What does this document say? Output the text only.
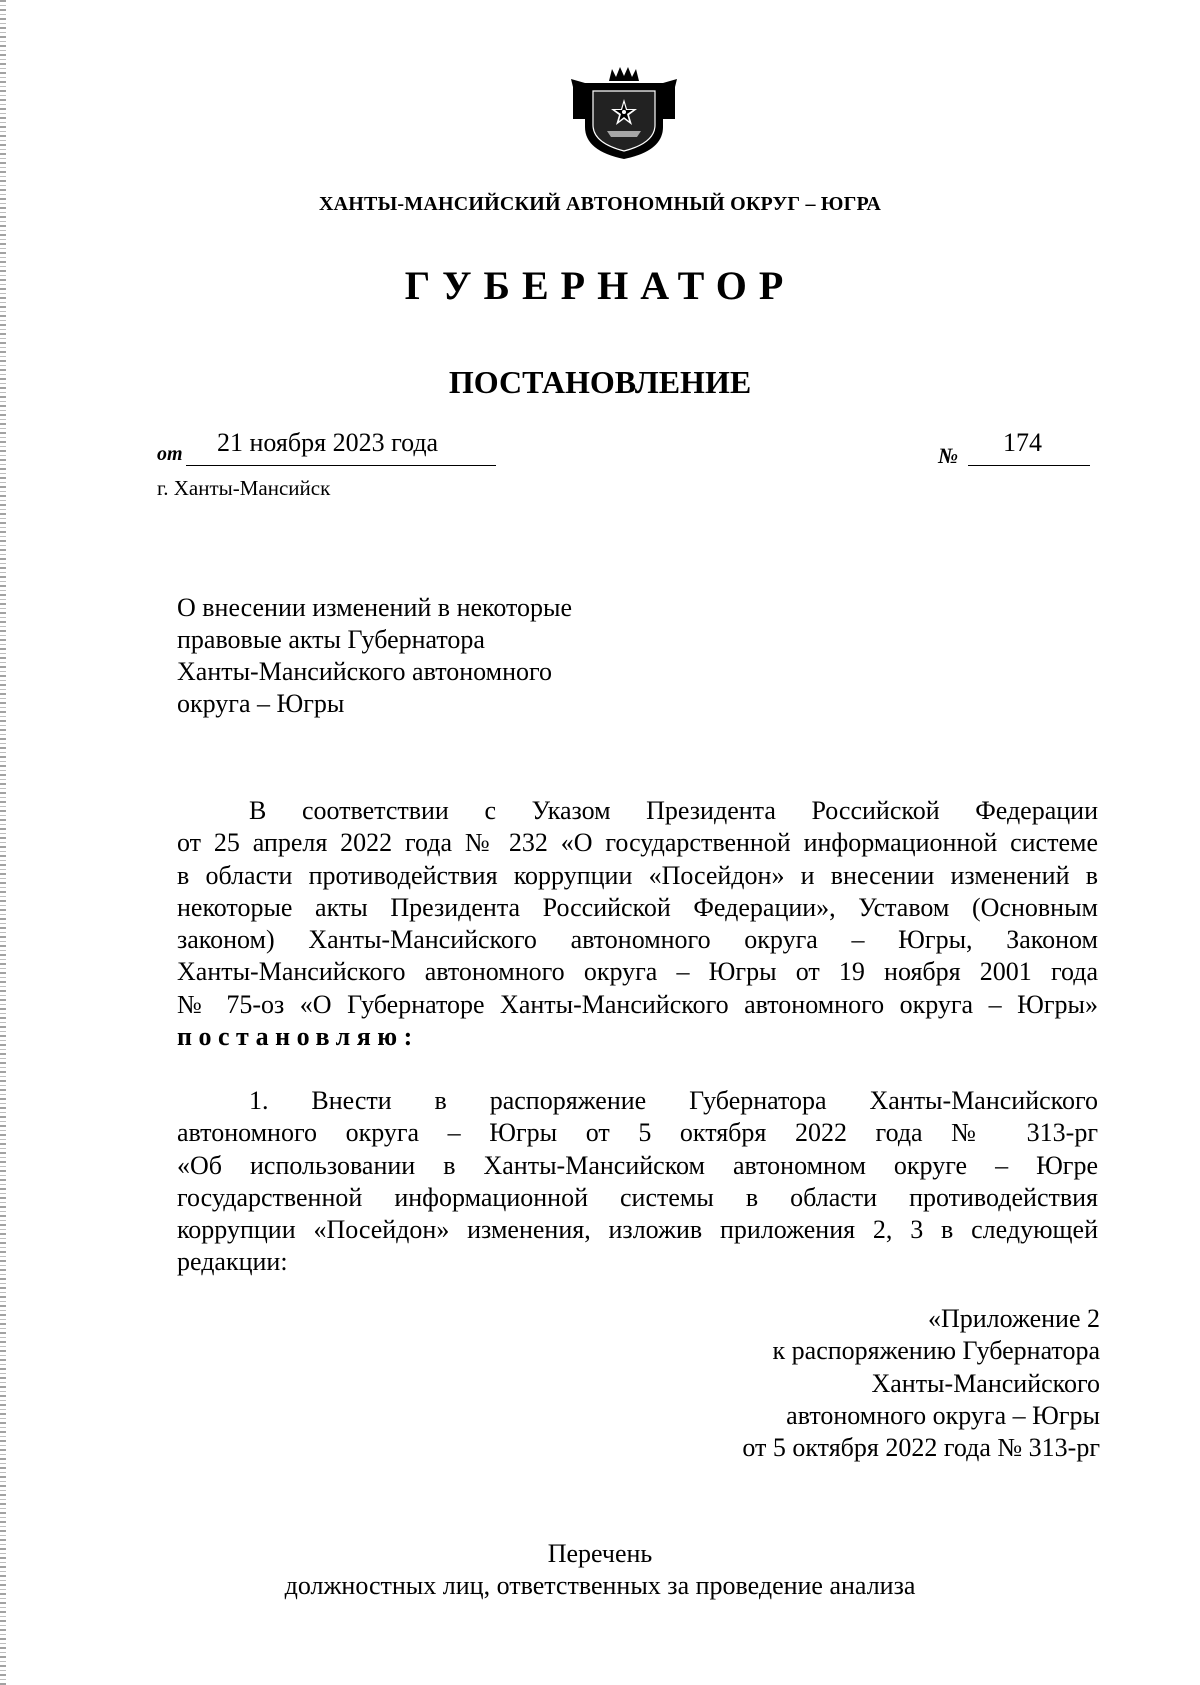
ХАНТЫ-МАНСИЙСКИЙ АВТОНОМНЫЙ ОКРУГ – ЮГРА
ГУБЕРНАТОР
ПОСТАНОВЛЕНИЕ
от 21 ноября 2023 года	№ 174
г. Ханты-Мансийск
О внесении изменений в некоторые
правовые акты Губернатора
Ханты-Мансийского автономного
округа – Югры
В соответствии с Указом Президента Российской Федерации
от 25 апреля 2022 года № 232 «О государственной информационной системе
в области противодействия коррупции «Посейдон» и внесении изменений в
некоторые акты Президента Российской Федерации», Уставом (Основным
законом) Ханты-Мансийского автономного округа – Югры, Законом
Ханты-Мансийского автономного округа – Югры от 19 ноября 2001 года
№ 75-оз «О Губернаторе Ханты-Мансийского автономного округа – Югры»
постановляю:
1. Внести в распоряжение Губернатора Ханты-Мансийского
автономного округа – Югры от 5 октября 2022 года № 313-рг
«Об использовании в Ханты-Мансийском автономном округе – Югре
государственной информационной системы в области противодействия
коррупции «Посейдон» изменения, изложив приложения 2, 3 в следующей
редакции:
«Приложение 2
к распоряжению Губернатора
Ханты-Мансийского
автономного округа – Югры
от 5 октября 2022 года № 313-рг
Перечень
должностных лиц, ответственных за проведение анализа
